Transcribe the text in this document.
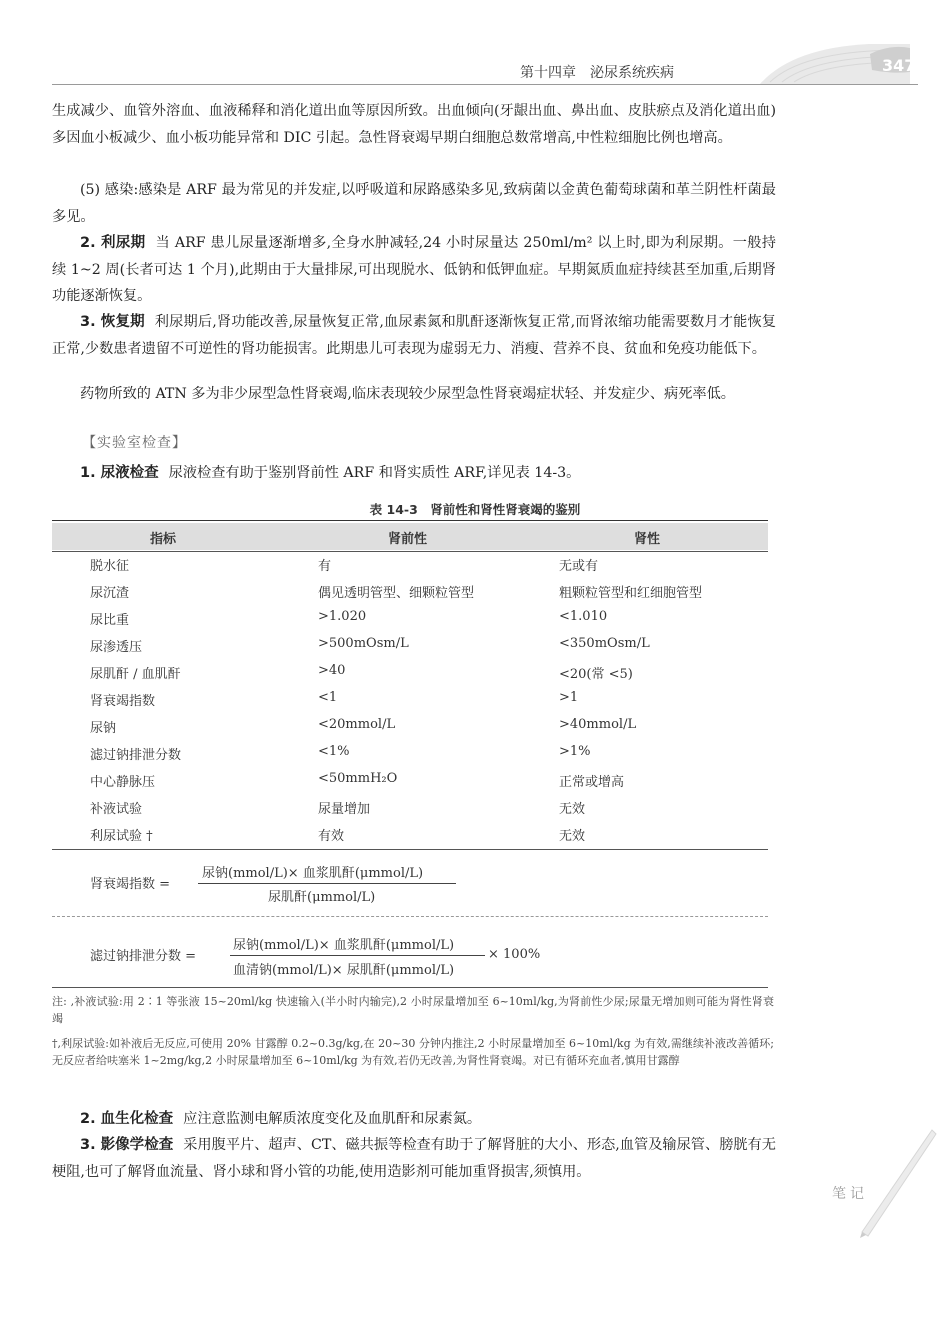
第十四章　泌尿系统疾病	347

生成减少、血管外溶血、血液稀释和消化道出血等原因所致。出血倾向(牙龈出血、鼻出血、皮肤瘀点及消化道出血)多因血小板减少、血小板功能异常和 DIC 引起。急性肾衰竭早期白细胞总数常增高,中性粒细胞比例也增高。

(5) 感染:感染是 ARF 最为常见的并发症,以呼吸道和尿路感染多见,致病菌以金黄色葡萄球菌和革兰阴性杆菌最多见。

2. 利尿期 当 ARF 患儿尿量逐渐增多,全身水肿减轻,24 小时尿量达 250ml/m² 以上时,即为利尿期。一般持续 1~2 周(长者可达 1 个月),此期由于大量排尿,可出现脱水、低钠和低钾血症。早期氮质血症持续甚至加重,后期肾功能逐渐恢复。

3. 恢复期 利尿期后,肾功能改善,尿量恢复正常,血尿素氮和肌酐逐渐恢复正常,而肾浓缩功能需要数月才能恢复正常,少数患者遗留不可逆性的肾功能损害。此期患儿可表现为虚弱无力、消瘦、营养不良、贫血和免疫功能低下。

药物所致的 ATN 多为非少尿型急性肾衰竭,临床表现较少尿型急性肾衰竭症状轻、并发症少、病死率低。

【实验室检查】

1. 尿液检查 尿液检查有助于鉴别肾前性 ARF 和肾实质性 ARF,详见表 14-3。

表 14-3　肾前性和肾性肾衰竭的鉴别
指标	肾前性	肾性
脱水征	有	无或有
尿沉渣	偶见透明管型、细颗粒管型	粗颗粒管型和红细胞管型
尿比重	>1.020	<1.010
尿渗透压	>500mOsm/L	<350mOsm/L
尿肌酐 / 血肌酐	>40	<20(常 <5)
肾衰竭指数	<1	>1
尿钠	<20mmol/L	>40mmol/L
滤过钠排泄分数	<1%	>1%
中心静脉压	<50mmH₂O	正常或增高
补液试验	尿量增加	无效
利尿试验 †	有效	无效
肾衰竭指数 =
尿钠(mmol/L)× 血浆肌酐(μmmol/L)
尿肌酐(μmmol/L)
滤过钠排泄分数 =
尿钠(mmol/L)× 血浆肌酐(μmmol/L)
血清钠(mmol/L)× 尿肌酐(μmmol/L)
× 100%

注: ,补液试验:用 2∶1 等张液 15~20ml/kg 快速输入(半小时内输完),2 小时尿量增加至 6~10ml/kg,为肾前性少尿;尿量无增加则可能为肾性肾衰竭

†,利尿试验:如补液后无反应,可使用 20% 甘露醇 0.2~0.3g/kg,在 20~30 分钟内推注,2 小时尿量增加至 6~10ml/kg 为有效,需继续补液改善循环;无反应者给呋塞米 1~2mg/kg,2 小时尿量增加至 6~10ml/kg 为有效,若仍无改善,为肾性肾衰竭。对已有循环充血者,慎用甘露醇

2. 血生化检查 应注意监测电解质浓度变化及血肌酐和尿素氮。

3. 影像学检查 采用腹平片、超声、CT、磁共振等检查有助于了解肾脏的大小、形态,血管及输尿管、膀胱有无梗阻,也可了解肾血流量、肾小球和肾小管的功能,使用造影剂可能加重肾损害,须慎用。

笔记
